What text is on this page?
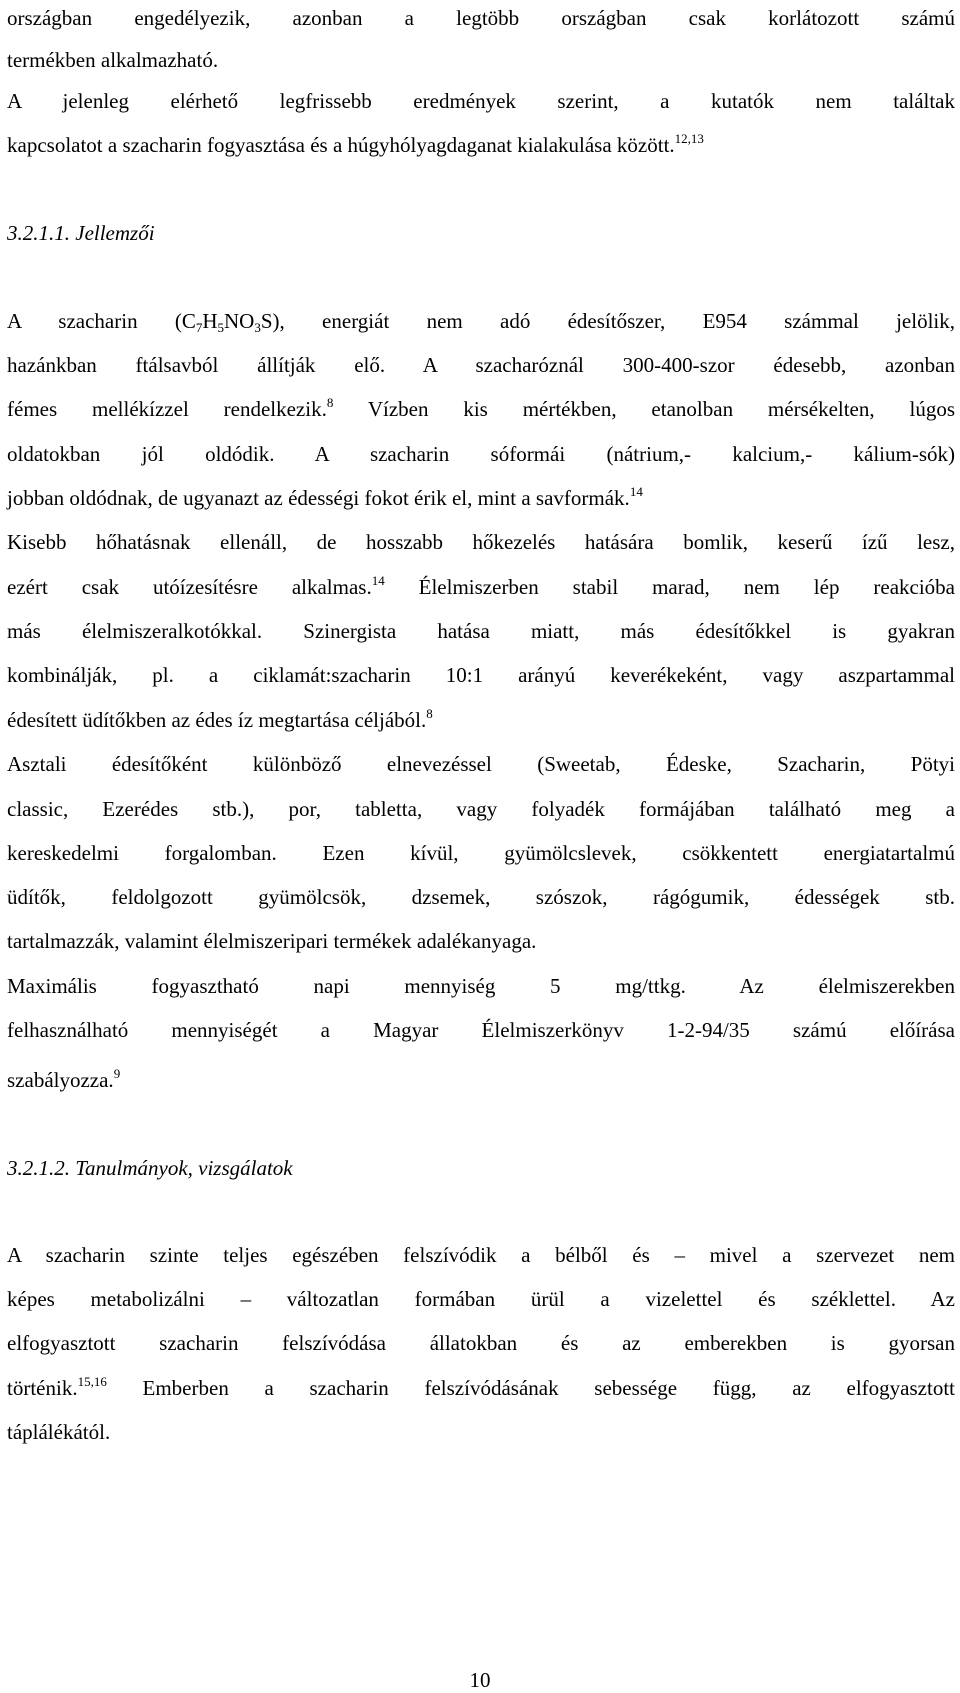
országban engedélyezik, azonban a legtöbb országban csak korlátozott számú
termékben alkalmazható.
A jelenleg elérhető legfrissebb eredmények szerint, a kutatók nem találtak
kapcsolatot a szacharin fogyasztása és a húgyhólyagdaganat kialakulása között.$^{12,13}$
3.2.1.1. Jellemzői
A szacharin $(C_7H_5NO_3S)$, energiát nem adó édesítőszer, E954 számmal jelölik,
hazánkban ftálsavból állítják elő. A szacharóznál 300-400-szor édesebb, azonban
fémes mellékízzel rendelkezik.$^8$ Vízben kis mértékben, etanolban mérsékelten, lúgos
oldatokban jól oldódik. A szacharin sóformái (nátrium,- kalcium,- kálium-sók)
jobban oldódnak, de ugyanazt az édességi fokot érik el, mint a savformák.$^{14}$
Kisebb hőhatásnak ellenáll, de hosszabb hőkezelés hatására bomlik, keserű ízű lesz,
ezért csak utóízesítésre alkalmas.$^{14}$ Élelmiszerben stabil marad, nem lép reakcióba
más élelmiszeralkotókkal. Szinergista hatása miatt, más édesítőkkel is gyakran
kombinálják, pl. a ciklamát:szacharin 10:1 arányú keverékeként, vagy aszpartammal
édesített üdítőkben az édes íz megtartása céljából.$^8$
Asztali édesítőként különböző elnevezéssel (Sweetab, Édeske, Szacharin, Pötyi
classic, Ezerédes stb.), por, tabletta, vagy folyadék formájában található meg a
kereskedelmi forgalomban. Ezen kívül, gyümölcslevek, csökkentett energiatartalmú
üdítők, feldolgozott gyümölcsök, dzsemek, szószok, rágógumik, édességek stb.
tartalmazzák, valamint élelmiszeripari termékek adalékanyaga.
Maximális fogyasztható napi mennyiség 5 mg/ttkg. Az élelmiszerekben
felhasználható mennyiségét a Magyar Élelmiszerkönyv 1-2-94/35 számú előírása
szabályozza.$^9$
3.2.1.2. Tanulmányok, vizsgálatok
A szacharin szinte teljes egészében felszívódik a bélből és – mivel a szervezet nem
képes metabolizálni – változatlan formában ürül a vizelettel és széklettel. Az
elfogyasztott szacharin felszívódása állatokban és az emberekben is gyorsan
történik.$^{15,16}$ Emberben a szacharin felszívódásának sebessége függ, az elfogyasztott
táplálékától.
10
